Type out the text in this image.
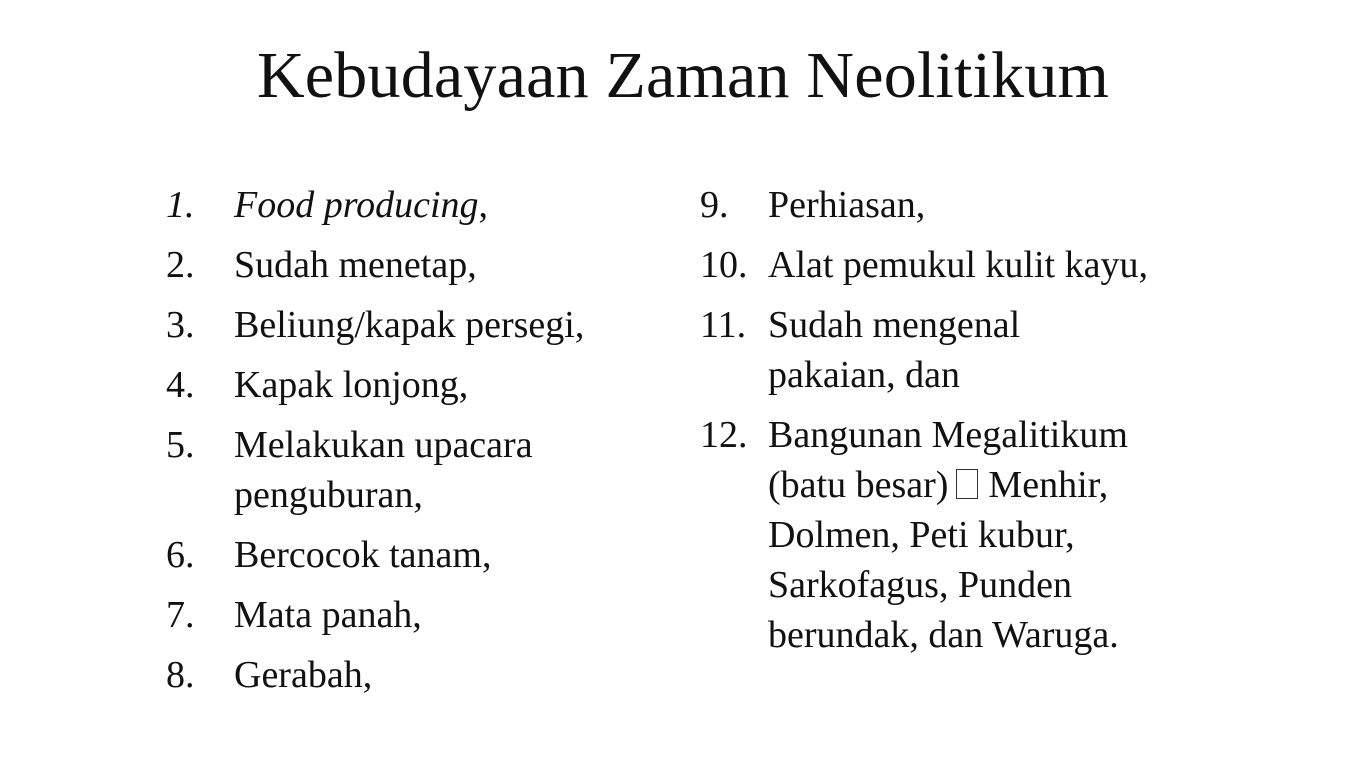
Kebudayaan Zaman Neolitikum
1.	Food producing,
2.	Sudah menetap,
3.	Beliung/kapak persegi,
4.	Kapak lonjong,
5.	Melakukan upacara penguburan,
6.	Bercocok tanam,
7.	Mata panah,
8.	Gerabah,
9.	Perhiasan,
10. Alat pemukul kulit kayu,
11. Sudah mengenal pakaian, dan
12. Bangunan Megalitikum (batu besar) Menhir, Dolmen, Peti kubur, Sarkofagus, Punden berundak, dan Waruga.
